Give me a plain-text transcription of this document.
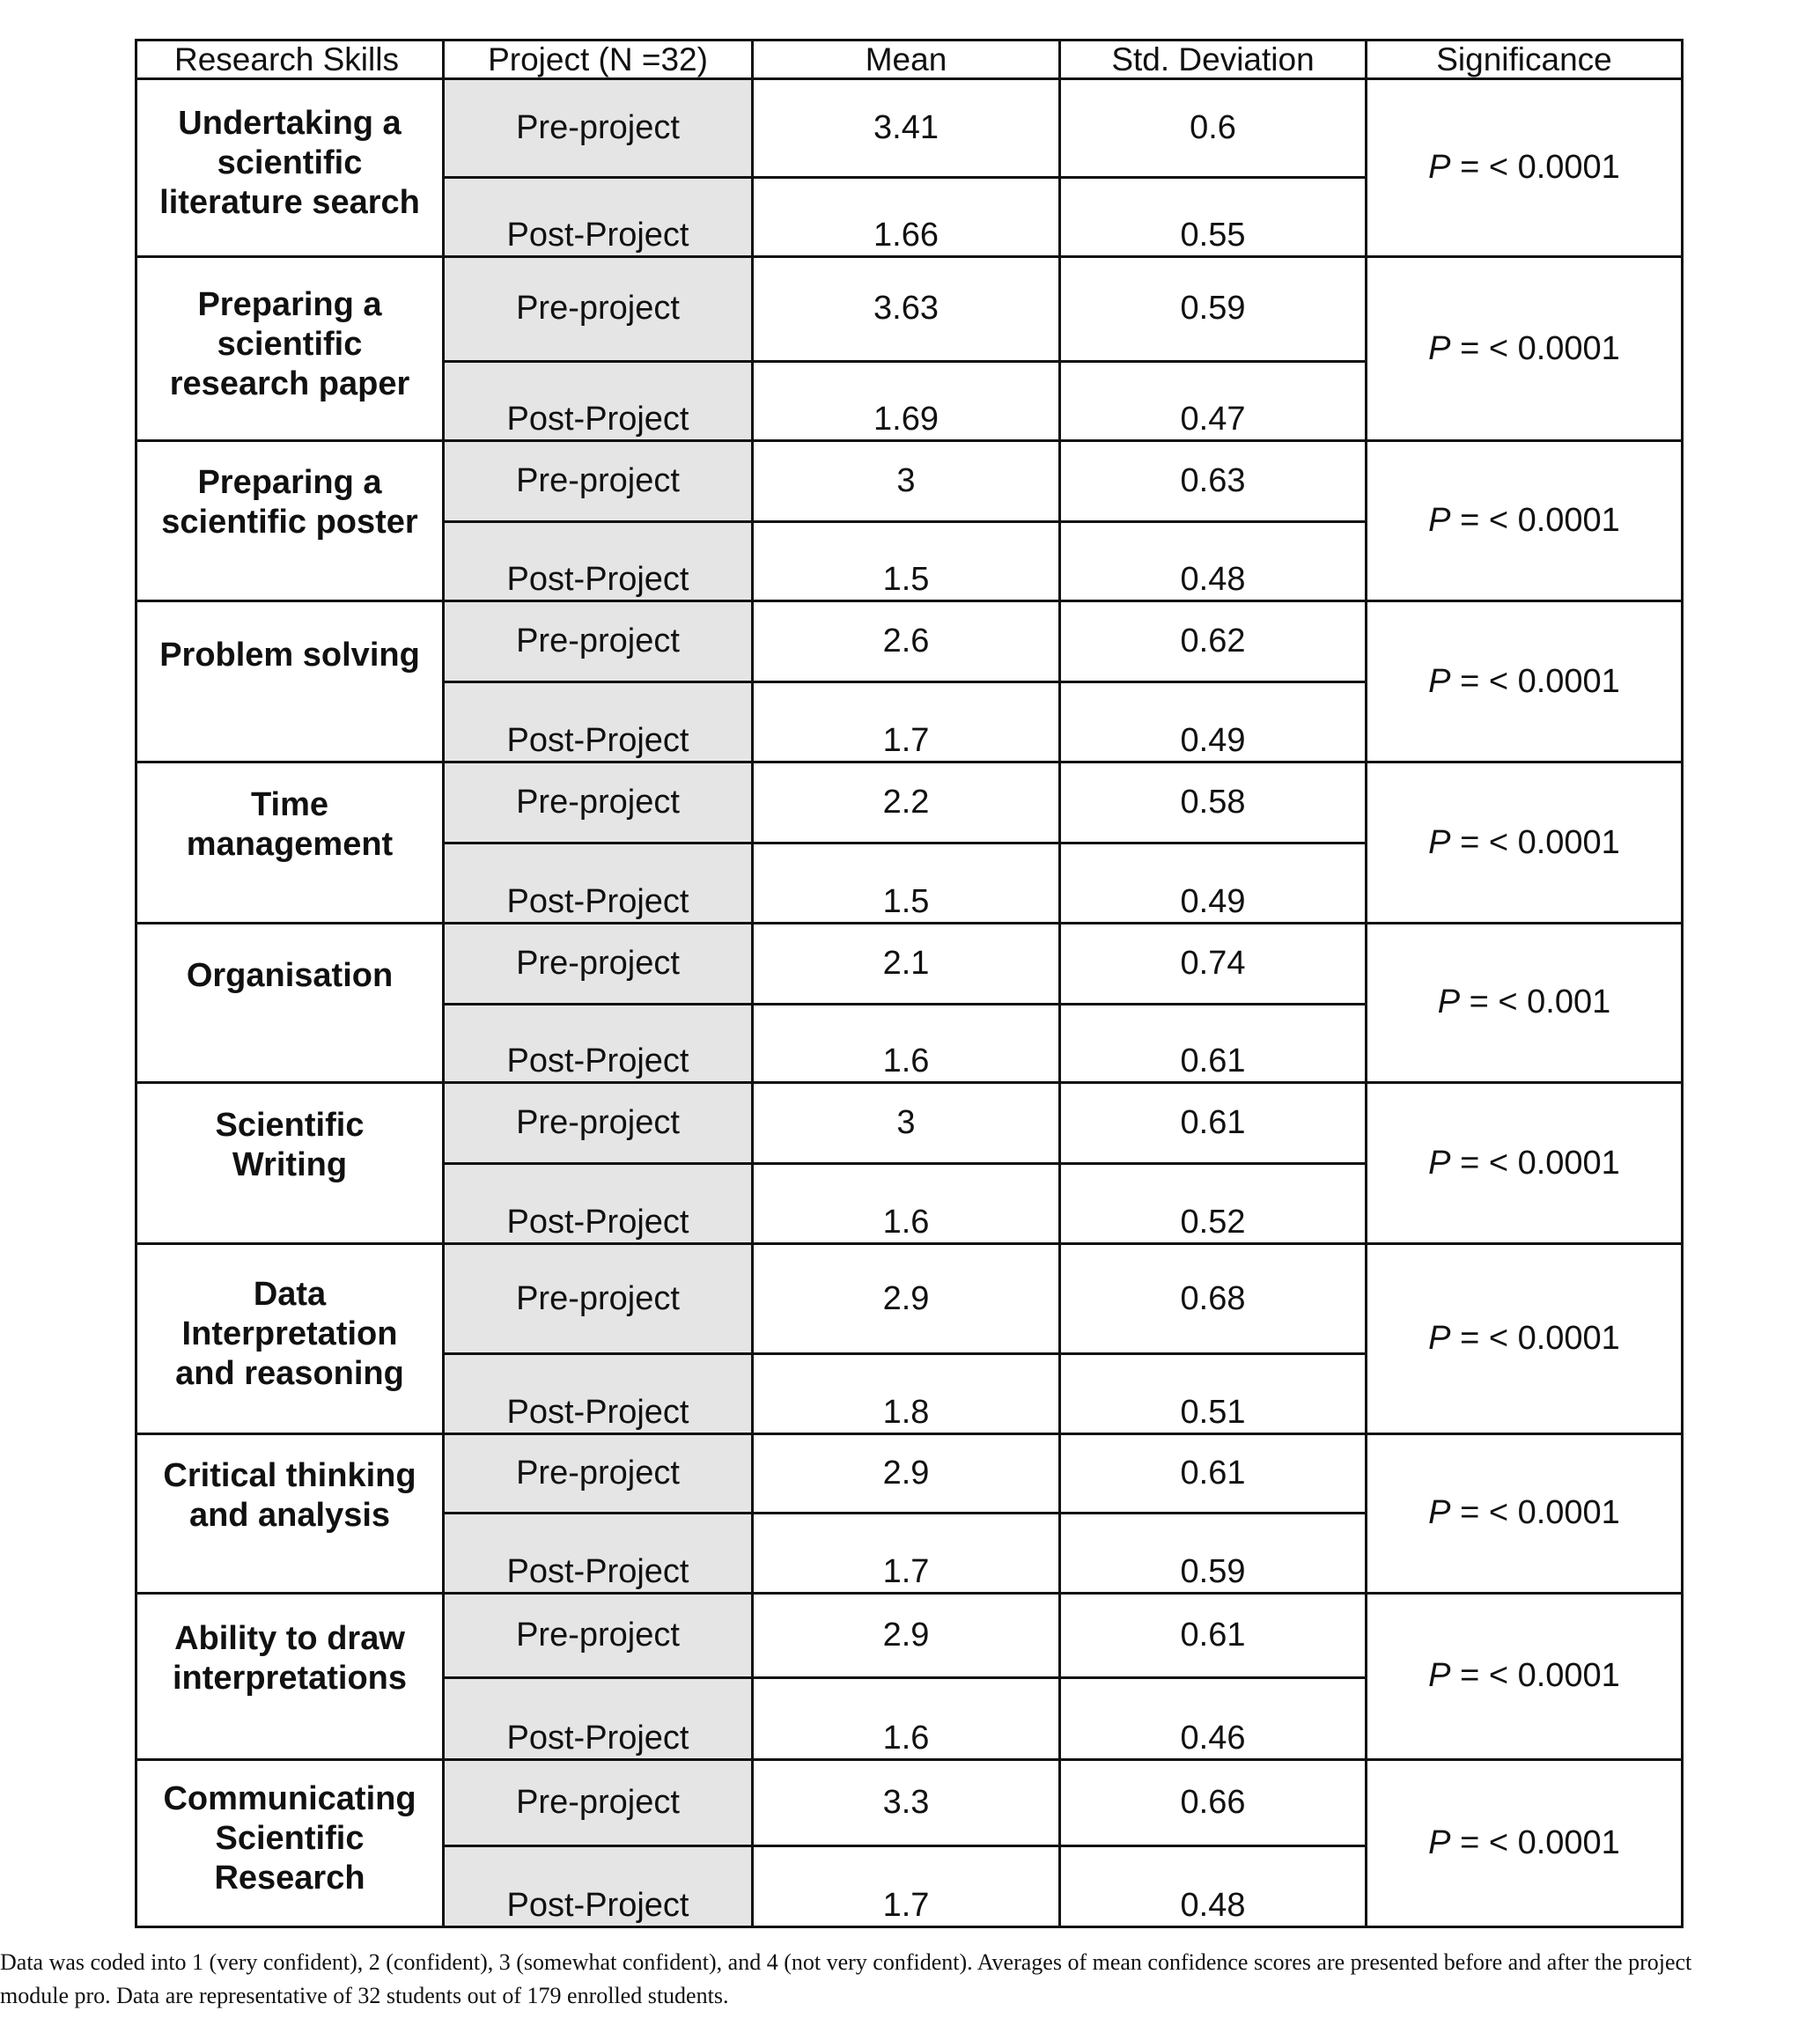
Research Skills	Project (N =32)	Mean	Std. Deviation	Significance

Undertaking a
scientific
literature search	Pre-project	3.41	0.6	P = < 0.0001
	Post-Project	1.66	0.55	

Preparing a
scientific
research paper	Pre-project	3.63	0.59	P = < 0.0001
	Post-Project	1.69	0.47	

Preparing a
scientific poster	Pre-project	3	0.63	P = < 0.0001
	Post-Project	1.5	0.48	

Problem solving	Pre-project	2.6	0.62	P = < 0.0001
	Post-Project	1.7	0.49	

Time
management	Pre-project	2.2	0.58	P = < 0.0001
	Post-Project	1.5	0.49	

Organisation	Pre-project	2.1	0.74	P = < 0.001
	Post-Project	1.6	0.61	

Scientific
Writing	Pre-project	3	0.61	P = < 0.0001
	Post-Project	1.6	0.52	

Data
Interpretation
and reasoning	Pre-project	2.9	0.68	P = < 0.0001
	Post-Project	1.8	0.51	

Critical thinking
and analysis	Pre-project	2.9	0.61	P = < 0.0001
	Post-Project	1.7	0.59	

Ability to draw
interpretations	Pre-project	2.9	0.61	P = < 0.0001
	Post-Project	1.6	0.46	

Communicating
Scientific
Research	Pre-project	3.3	0.66	P = < 0.0001
	Post-Project	1.7	0.48	
Data was coded into 1 (very confident), 2 (confident), 3 (somewhat confident), and 4 (not very confident). Averages of mean confidence scores are presented before and after the project module pro. Data are representative of 32 students out of 179 enrolled students.
